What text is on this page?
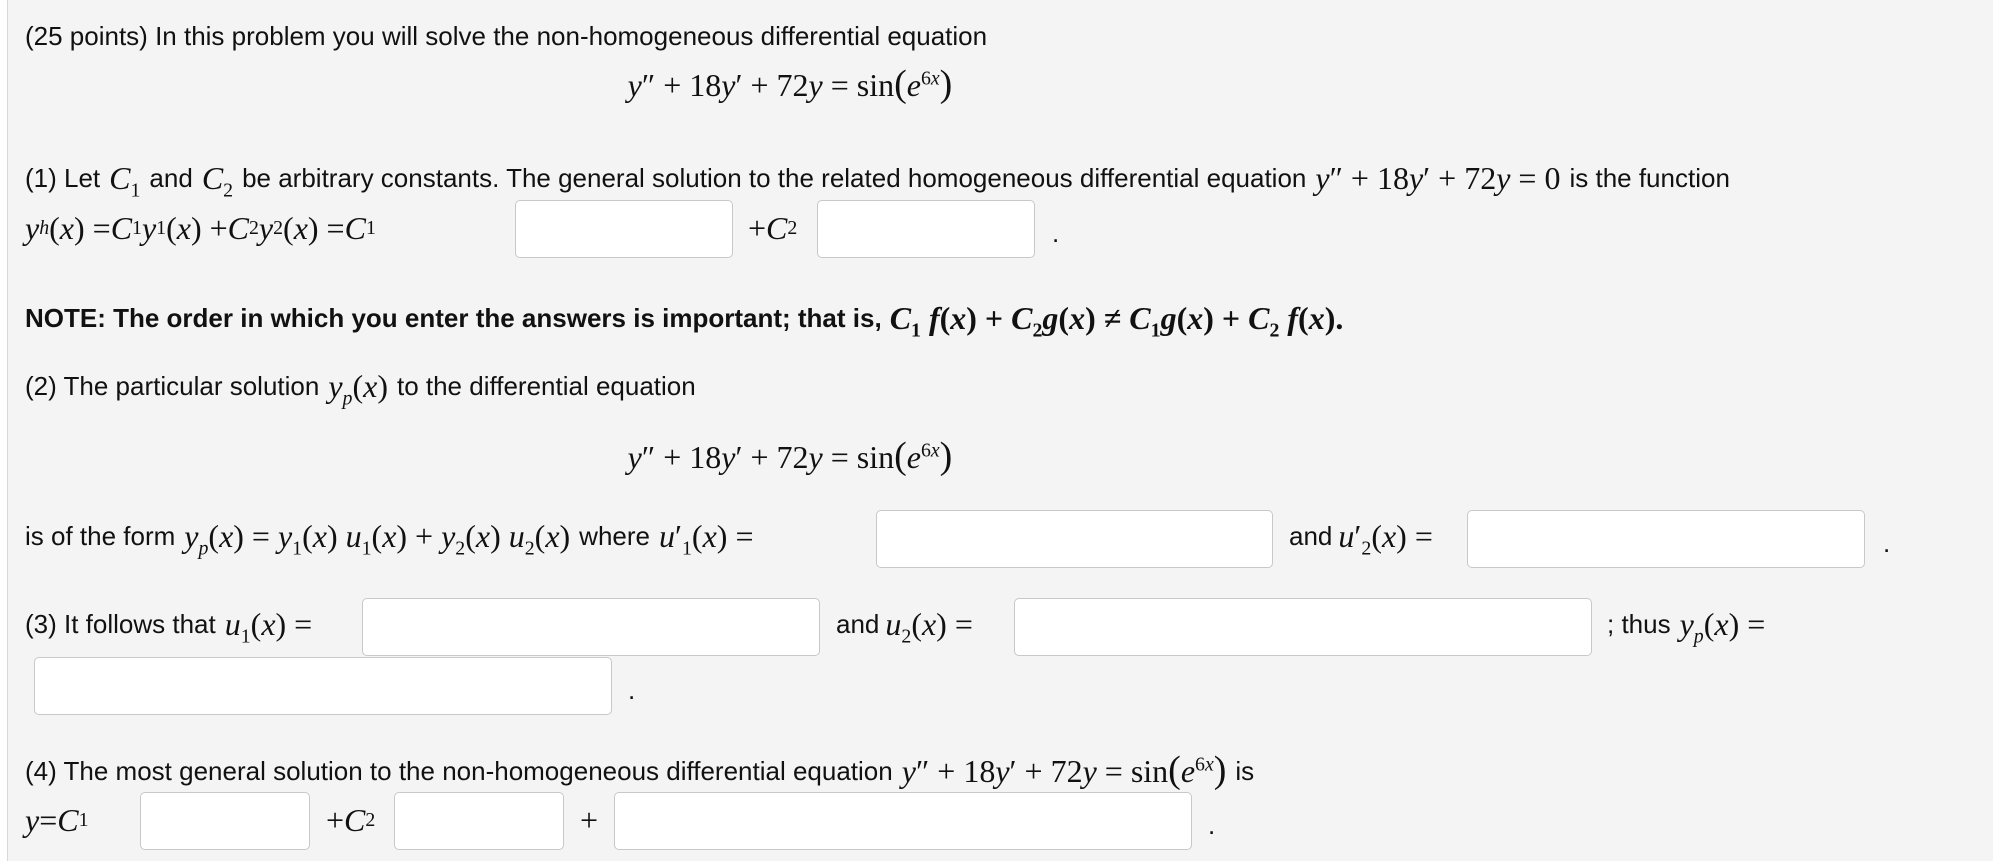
(25 points) In this problem you will solve the non-homogeneous differential equation
$y'' + 18y' + 72y = \sin(e^{6x})$
(1) Let $C_1$ and $C_2$ be arbitrary constants. The general solution to the related homogeneous differential equation y″ + 18y′ + 72y = 0 is the function
y h ( x ) = C 1 y 1 ( x ) + C 2 y 2 ( x ) = C 1	+ C 2	.
NOTE: The order in which you enter the answers is important; that is, $C_1$ $f(x) + C_2g(x) \ne C_1g(x) + C_2$ f(x).
(2) The particular solution $y_p(x)$ to the differential equation
$y'' + 18y' + 72y = \sin(e^{6x})$
is of the form $y_p(x) = y_1(x) u_1(x) + y_2(x)$ $u_2(x)$ where $u'_1(x)$ =	and $u'_2(x)$ =	.
(3) It follows that $u_1(x)$ =	and $u_2(x)$ =	; thus $y_p(x)$ =
.
(4) The most general solution to the non-homogeneous differential equation $y'' + 18y' + 72y = \sin(e^{6x})$ is
y = C 1	+ C 2	+	.
